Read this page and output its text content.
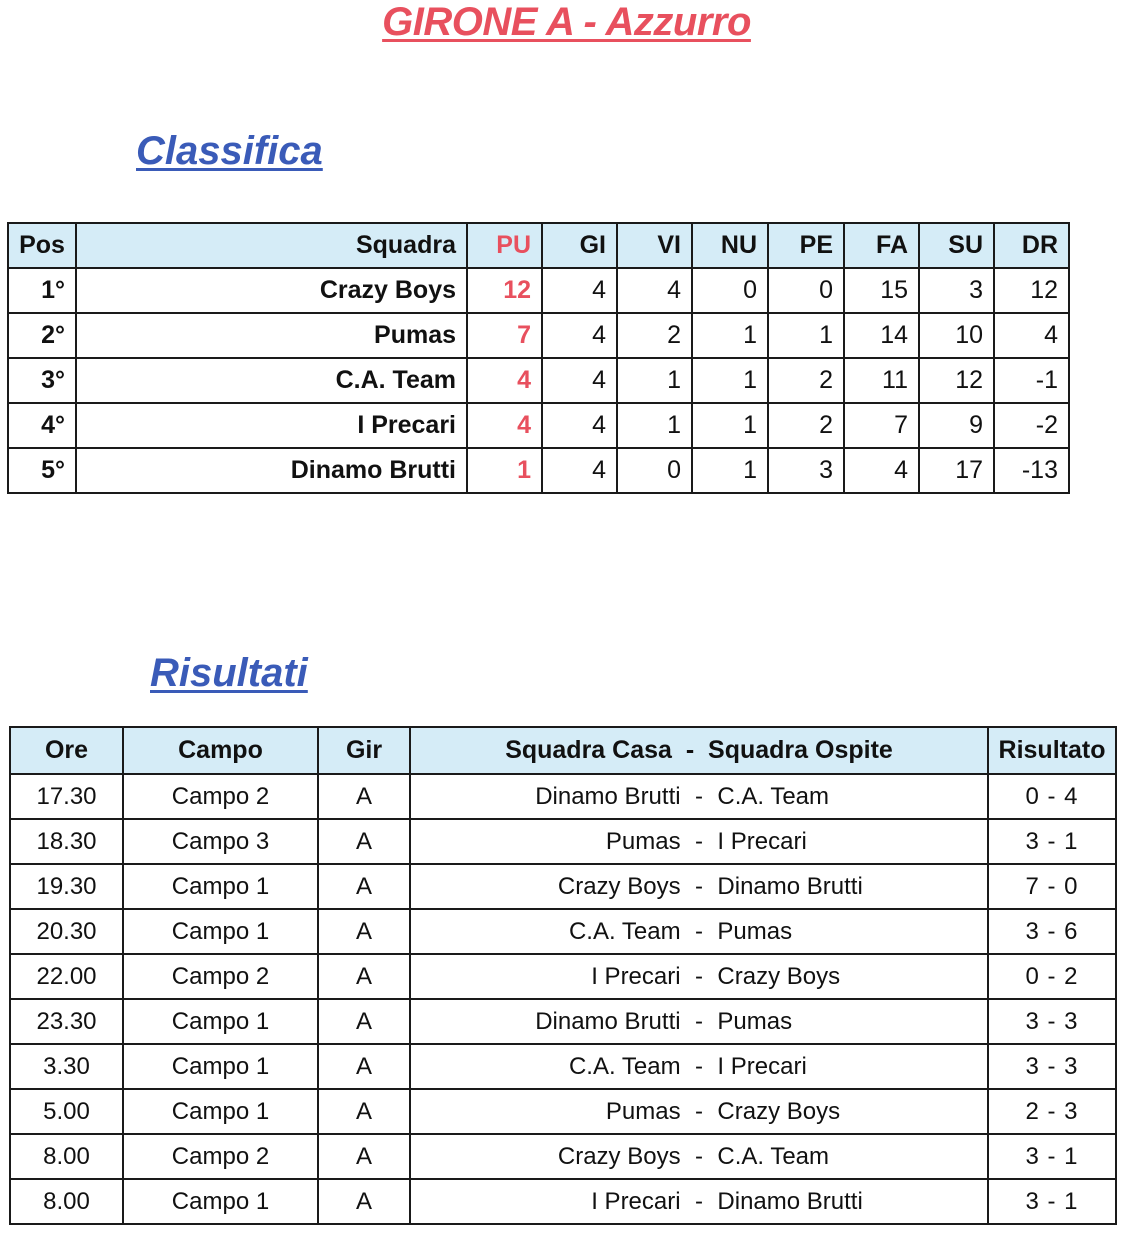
GIRONE A - Azzurro
Classifica
Pos	Squadra	PU	GI	VI	NU	PE	FA	SU	DR
1°	Crazy Boys	12	4	4	0	0	15	3	12
2°	Pumas	7	4	2	1	1	14	10	4
3°	C.A. Team	4	4	1	1	2	11	12	-1
4°	I Precari	4	4	1	1	2	7	9	-2
5°	Dinamo Brutti	1	4	0	1	3	4	17	-13
Risultati
Ore	Campo	Gir	Squadra Casa  -  Squadra Ospite	Risultato
17.30	Campo 2	A	Dinamo Brutti - C.A. Team	0 - 4
18.30	Campo 3	A	Pumas - I Precari	3 - 1
19.30	Campo 1	A	Crazy Boys - Dinamo Brutti	7 - 0
20.30	Campo 1	A	C.A. Team - Pumas	3 - 6
22.00	Campo 2	A	I Precari - Crazy Boys	0 - 2
23.30	Campo 1	A	Dinamo Brutti - Pumas	3 - 3
3.30	Campo 1	A	C.A. Team - I Precari	3 - 3
5.00	Campo 1	A	Pumas - Crazy Boys	2 - 3
8.00	Campo 2	A	Crazy Boys - C.A. Team	3 - 1
8.00	Campo 1	A	I Precari - Dinamo Brutti	3 - 1
